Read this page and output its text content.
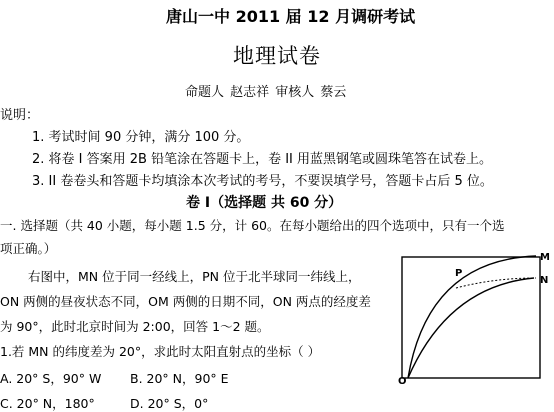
唐山一中 2011 届 12 月调研考试
地理试卷
命题人 赵志祥 审核人 蔡云
说明：
1. 考试时间 90 分钟，满分 100 分。
2. 将卷 I 答案用 2B 铅笔涂在答题卡上，卷 II 用蓝黑钢笔或圆珠笔答在试卷上。
3. II 卷卷头和答题卡均填涂本次考试的考号，不要误填学号，答题卡占后 5 位。
卷 I（选择题 共 60 分）
一. 选择题（共 40 小题，每小题 1.5 分，计 60。在每小题给出的四个选项中，只有一个选
项正确。）
右图中，MN 位于同一经线上，PN 位于北半球同一纬线上，
ON 两侧的昼夜状态不同，OM 两侧的日期不同，ON 两点的经度差
为 90°，此时北京时间为 2:00，回答 1～2 题。
1.若 MN 的纬度差为 20°，求此时太阳直射点的坐标（ ）
A. 20° S，90° W B. 20° N，90° E
C. 20° N，180°	D. 20° S，0°
M
N
P
O
